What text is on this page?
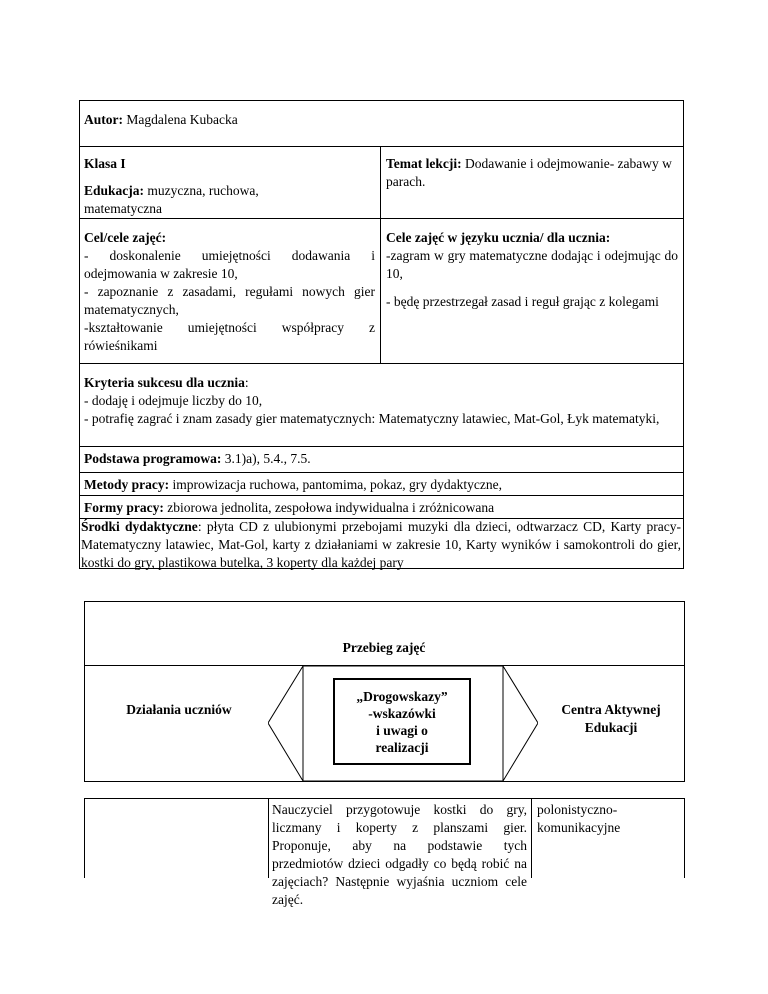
Autor: Magdalena Kubacka
Klasa I
Edukacja: muzyczna, ruchowa, matematyczna
Temat lekcji: Dodawanie i odejmowanie- zabawy w parach.
Cel/cele zajęć:
- doskonalenie umiejętności dodawania i odejmowania w zakresie 10,
- zapoznanie z zasadami, regułami nowych gier matematycznych,
-kształtowanie umiejętności współpracy z rówieśnikami
Cele zajęć w języku ucznia/ dla ucznia:
-zagram w gry matematyczne dodając i odejmując do 10,
- będę przestrzegał zasad i reguł grając z kolegami
Kryteria sukcesu dla ucznia:
- dodaję i odejmuje liczby do 10,
- potrafię zagrać i znam zasady gier matematycznych: Matematyczny latawiec, Mat-Gol, Łyk matematyki,
Podstawa programowa: 3.1)a), 5.4., 7.5.
Metody pracy: improwizacja ruchowa, pantomima, pokaz, gry dydaktyczne,
Formy pracy: zbiorowa jednolita, zespołowa indywidualna i zróżnicowana
Środki dydaktyczne: płyta CD z ulubionymi przebojami muzyki dla dzieci, odtwarzacz CD, Karty pracy- Matematyczny latawiec, Mat-Gol, karty z działaniami w zakresie 10, Karty wyników i samokontroli do gier, kostki do gry, plastikowa butelka, 3 koperty dla każdej pary
Przebieg zajęć
Działania uczniów
„Drogowskazy”
-wskazówki
i uwagi o
realizacji
Centra Aktywnej
Edukacji
Nauczyciel przygotowuje kostki do gry, liczmany i koperty z planszami gier. Proponuje, aby na podstawie tych przedmiotów dzieci odgadły co będą robić na zajęciach? Następnie wyjaśnia uczniom cele zajęć.
polonistyczno-komunikacyjne
